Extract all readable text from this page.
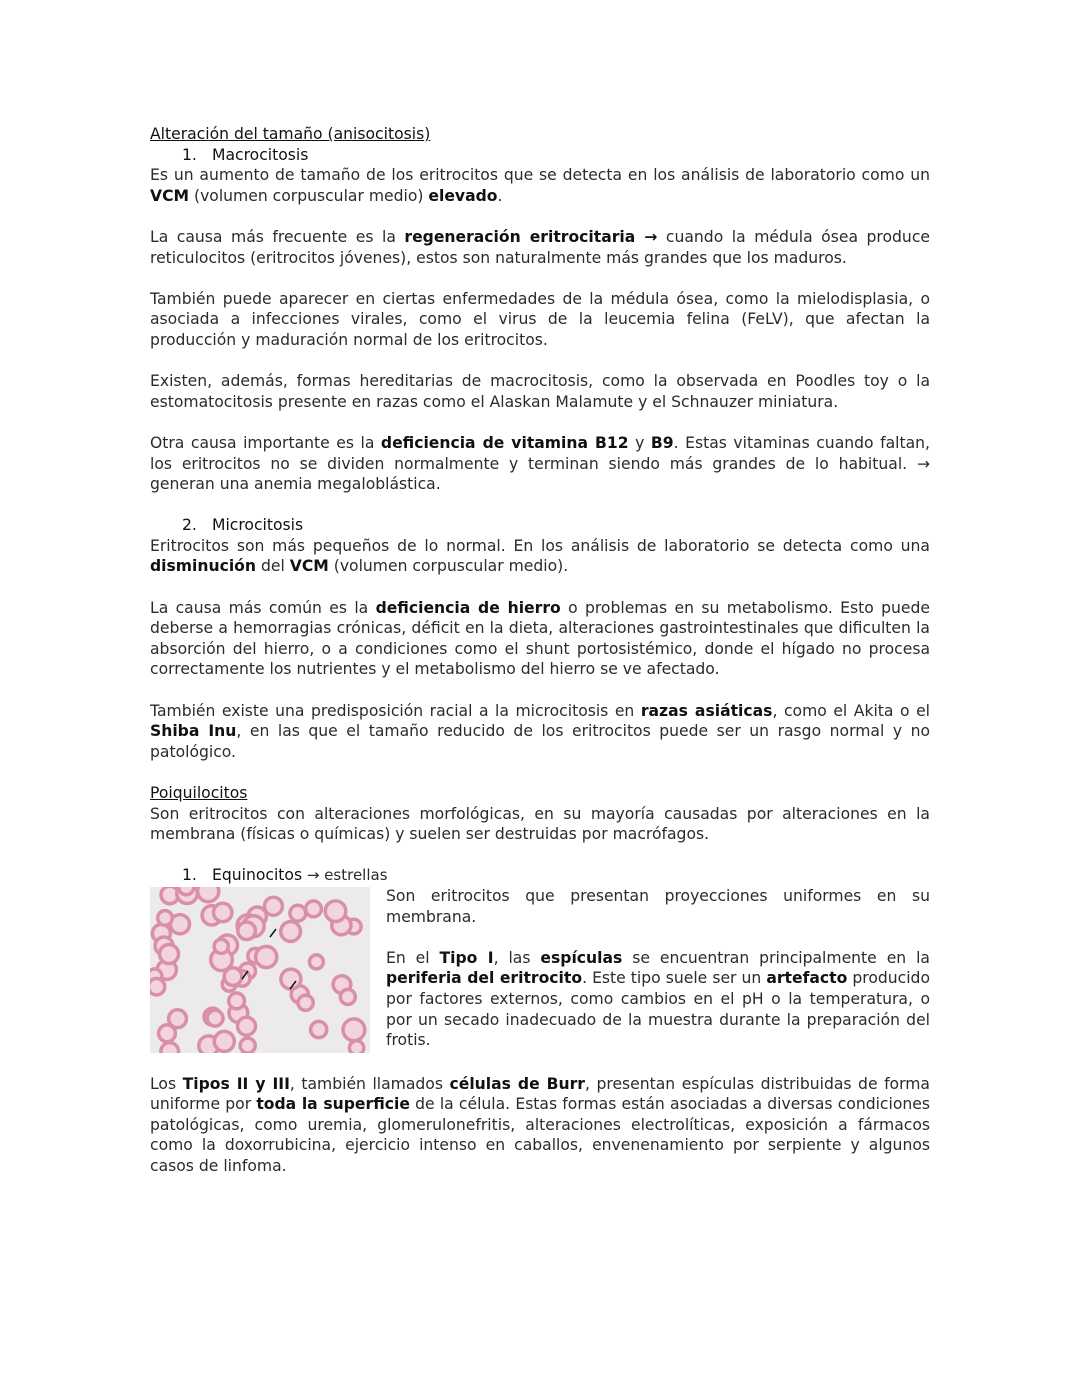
Alteración del tamaño (anisocitosis)
1. Macrocitosis

Es un aumento de tamaño de los eritrocitos que se detecta en los análisis de laboratorio como un VCM (volumen corpuscular medio) elevado.

La causa más frecuente es la regeneración eritrocitaria → cuando la médula ósea produce reticulocitos (eritrocitos jóvenes), estos son naturalmente más grandes que los maduros.

También puede aparecer en ciertas enfermedades de la médula ósea, como la mielodisplasia, o asociada a infecciones virales, como el virus de la leucemia felina (FeLV), que afectan la producción y maduración normal de los eritrocitos.

Existen, además, formas hereditarias de macrocitosis, como la observada en Poodles toy o la estomatocitosis presente en razas como el Alaskan Malamute y el Schnauzer miniatura.

Otra causa importante es la deficiencia de vitamina B12 y B9. Estas vitaminas cuando faltan, los eritrocitos no se dividen normalmente y terminan siendo más grandes de lo habitual. → generan una anemia megaloblástica.

2. Microcitosis

Eritrocitos son más pequeños de lo normal. En los análisis de laboratorio se detecta como una disminución del VCM (volumen corpuscular medio).

La causa más común es la deficiencia de hierro o problemas en su metabolismo. Esto puede deberse a hemorragias crónicas, déficit en la dieta, alteraciones gastrointestinales que dificulten la absorción del hierro, o a condiciones como el shunt portosistémico, donde el hígado no procesa correctamente los nutrientes y el metabolismo del hierro se ve afectado.

También existe una predisposición racial a la microcitosis en razas asiáticas, como el Akita o el Shiba Inu, en las que el tamaño reducido de los eritrocitos puede ser un rasgo normal y no patológico.

Poiquilocitos

Son eritrocitos con alteraciones morfológicas, en su mayoría causadas por alteraciones en la membrana (físicas o químicas) y suelen ser destruidas por macrófagos.

1. Equinocitos → estrellas

Son eritrocitos que presentan proyecciones uniformes en su membrana.

En el Tipo I, las espículas se encuentran principalmente en la periferia del eritrocito. Este tipo suele ser un artefacto producido por factores externos, como cambios en el pH o la temperatura, o por un secado inadecuado de la muestra durante la preparación del frotis.

Los Tipos II y III, también llamados células de Burr, presentan espículas distribuidas de forma uniforme por toda la superficie de la célula. Estas formas están asociadas a diversas condiciones patológicas, como uremia, glomerulonefritis, alteraciones electrolíticas, exposición a fármacos como la doxorrubicina, ejercicio intenso en caballos, envenenamiento por serpiente y algunos casos de linfoma.
